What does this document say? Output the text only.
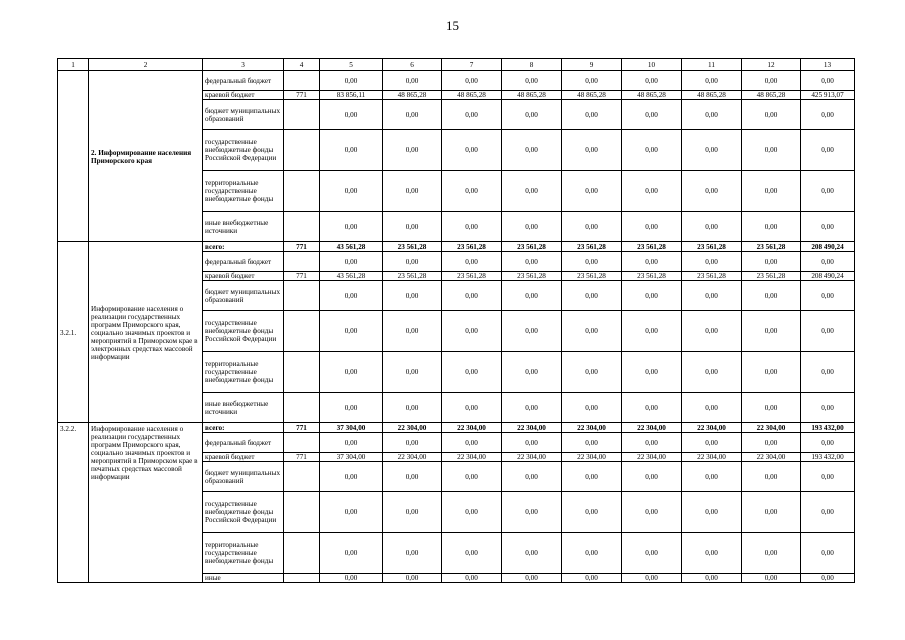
15
1	2	3	4	5	6	7	8	9	10	11	12	13
	2. Информирование населения Приморского края	федеральный бюджет		0,00	0,00	0,00	0,00	0,00	0,00	0,00	0,00	0,00
		краевой бюджет	771	83 856,11	48 865,28	48 865,28	48 865,28	48 865,28	48 865,28	48 865,28	48 865,28	425 913,07
		бюджет муниципальных образований		0,00	0,00	0,00	0,00	0,00	0,00	0,00	0,00	0,00
		государственные внебюджетные фонды Российской Федерации		0,00	0,00	0,00	0,00	0,00	0,00	0,00	0,00	0,00
		территориальные государственные внебюджетные фонды		0,00	0,00	0,00	0,00	0,00	0,00	0,00	0,00	0,00
		иные внебюджетные источники		0,00	0,00	0,00	0,00	0,00	0,00	0,00	0,00	0,00
3.2.1.	Информирование населения о реализации государственных программ Приморского края, социально значимых проектов и мероприятий в Приморском крае в электронных средствах массовой информации	всего:	771	43 561,28	23 561,28	23 561,28	23 561,28	23 561,28	23 561,28	23 561,28	23 561,28	208 490,24
		федеральный бюджет		0,00	0,00	0,00	0,00	0,00	0,00	0,00	0,00	0,00
		краевой бюджет	771	43 561,28	23 561,28	23 561,28	23 561,28	23 561,28	23 561,28	23 561,28	23 561,28	208 490,24
		бюджет муниципальных образований		0,00	0,00	0,00	0,00	0,00	0,00	0,00	0,00	0,00
		государственные внебюджетные фонды Российской Федерации		0,00	0,00	0,00	0,00	0,00	0,00	0,00	0,00	0,00
		территориальные государственные внебюджетные фонды		0,00	0,00	0,00	0,00	0,00	0,00	0,00	0,00	0,00
		иные внебюджетные источники		0,00	0,00	0,00	0,00	0,00	0,00	0,00	0,00	0,00
3.2.2.	Информирование населения о реализации государственных программ Приморского края, социально значимых проектов и мероприятий в Приморском крае в печатных средствах массовой информации	всего:	771	37 304,00	22 304,00	22 304,00	22 304,00	22 304,00	22 304,00	22 304,00	22 304,00	193 432,00
		федеральный бюджет		0,00	0,00	0,00	0,00	0,00	0,00	0,00	0,00	0,00
		краевой бюджет	771	37 304,00	22 304,00	22 304,00	22 304,00	22 304,00	22 304,00	22 304,00	22 304,00	193 432,00
		бюджет муниципальных образований		0,00	0,00	0,00	0,00	0,00	0,00	0,00	0,00	0,00
		государственные внебюджетные фонды Российской Федерации		0,00	0,00	0,00	0,00	0,00	0,00	0,00	0,00	0,00
		территориальные государственные внебюджетные фонды		0,00	0,00	0,00	0,00	0,00	0,00	0,00	0,00	0,00
		иные		0,00	0,00	0,00	0,00	0,00	0,00	0,00	0,00	0,00
